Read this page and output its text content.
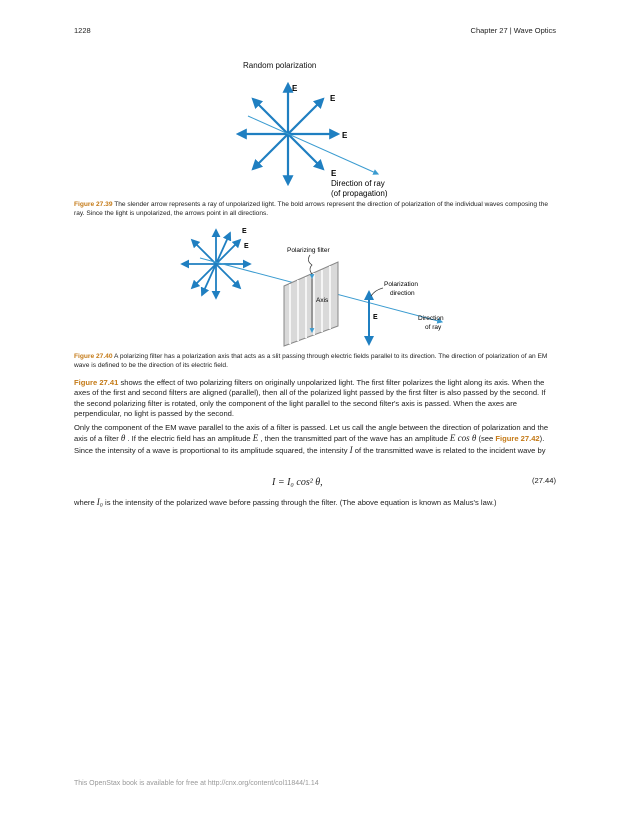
1228	Chapter 27 | Wave Optics
Random polarization
E
E
E
E
Direction of ray
(of propagation)
Figure 27.39 The slender arrow represents a ray of unpolarized light. The bold arrows represent the direction of polarization of the individual waves composing the ray. Since the light is unpolarized, the arrows point in all directions.
E
E
Polarizing filter
Axis
E
Polarization
direction
Direction
of ray
Figure 27.40 A polarizing filter has a polarization axis that acts as a slit passing through electric fields parallel to its direction. The direction of polarization of an EM wave is defined to be the direction of its electric field.

Figure 27.41 shows the effect of two polarizing filters on originally unpolarized light. The first filter polarizes the light along its axis. When the axes of the first and second filters are aligned (parallel), then all of the polarized light passed by the first filter is also passed by the second. If the second polarizing filter is rotated, only the component of the light parallel to the second filter's axis is passed. When the axes are perpendicular, no light is passed by the second.

Only the component of the EM wave parallel to the axis of a filter is passed. Let us call the angle between the direction of polarization and the axis of a filter θ . If the electric field has an amplitude E , then the transmitted part of the wave has an amplitude E cos θ (see Figure 27.42). Since the intensity of a wave is proportional to its amplitude squared, the intensity I of the transmitted wave is related to the incident wave by

I = I₀ cos² θ,	(27.44)

where I₀ is the intensity of the polarized wave before passing through the filter. (The above equation is known as Malus's law.)

This OpenStax book is available for free at http://cnx.org/content/col11844/1.14
